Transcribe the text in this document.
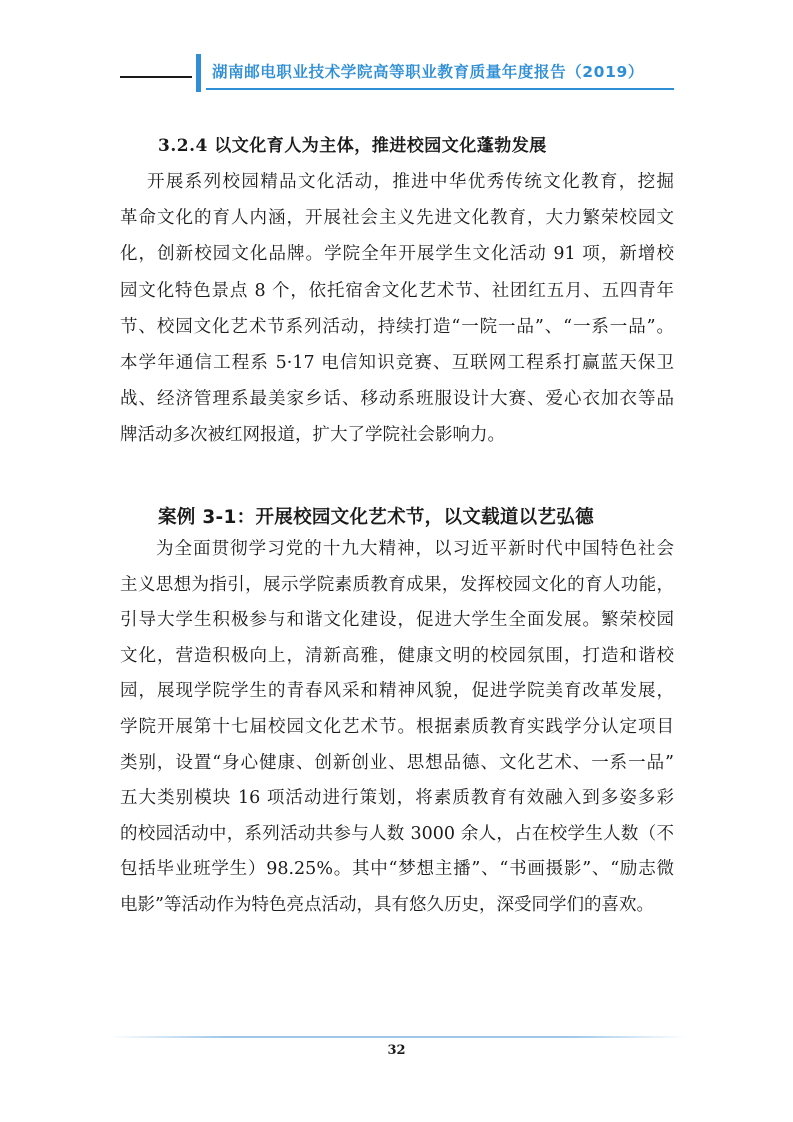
湖南邮电职业技术学院高等职业教育质量年度报告（2019）
3.2.4 以文化育人为主体，推进校园文化蓬勃发展
开展系列校园精品文化活动，推进中华优秀传统文化教育，挖掘
革命文化的育人内涵，开展社会主义先进文化教育，大力繁荣校园文
化，创新校园文化品牌。学院全年开展学生文化活动 91 项，新增校
园文化特色景点 8 个，依托宿舍文化艺术节、社团红五月、五四青年
节、校园文化艺术节系列活动，持续打造“一院一品”、“一系一品”。
本学年通信工程系 5·17 电信知识竞赛、互联网工程系打赢蓝天保卫
战、经济管理系最美家乡话、移动系班服设计大赛、爱心衣加衣等品
牌活动多次被红网报道，扩大了学院社会影响力。
案例 3-1：开展校园文化艺术节，以文载道以艺弘德
为全面贯彻学习党的十九大精神，以习近平新时代中国特色社会
主义思想为指引，展示学院素质教育成果，发挥校园文化的育人功能，
引导大学生积极参与和谐文化建设，促进大学生全面发展。繁荣校园
文化，营造积极向上，清新高雅，健康文明的校园氛围，打造和谐校
园，展现学院学生的青春风采和精神风貌，促进学院美育改革发展，
学院开展第十七届校园文化艺术节。根据素质教育实践学分认定项目
类别，设置“身心健康、创新创业、思想品德、文化艺术、一系一品”
五大类别模块 16 项活动进行策划，将素质教育有效融入到多姿多彩
的校园活动中，系列活动共参与人数 3000 余人，占在校学生人数（不
包括毕业班学生）98.25%。其中“梦想主播”、“书画摄影”、“励志微
电影”等活动作为特色亮点活动，具有悠久历史，深受同学们的喜欢。
32
